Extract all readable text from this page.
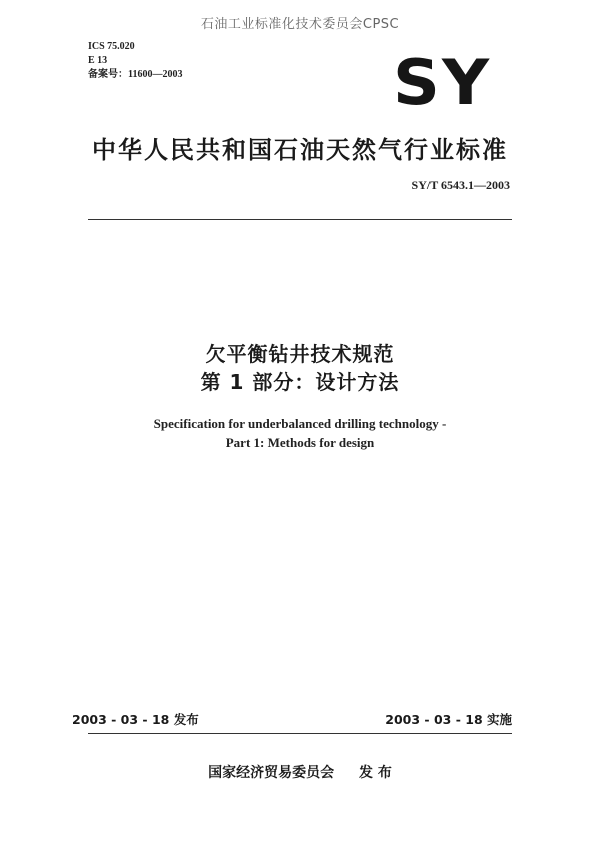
石油工业标准化技术委员会CPSC
ICS 75.020
E 13
备案号：11600—2003	SY
中华人民共和国石油天然气行业标准
SY/T 6543.1—2003
欠平衡钻井技术规范
第 1 部分：设计方法
Specification for underbalanced drilling technology -
Part 1: Methods for design
2003 - 03 - 18 发布	2003 - 03 - 18 实施
国家经济贸易委员会 发 布
